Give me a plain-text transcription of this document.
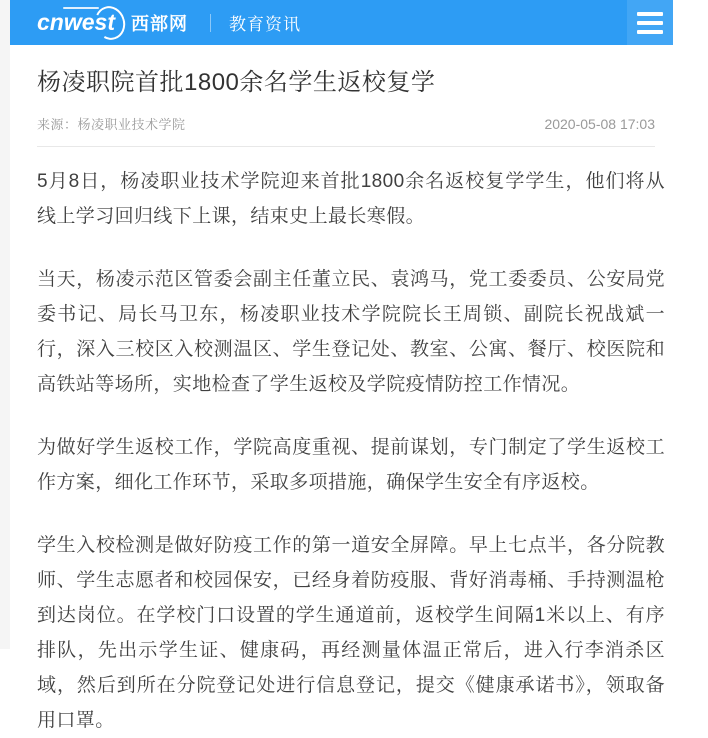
cnwest 西部网 教育资讯
杨凌职院首批1800余名学生返校复学
来源：杨凌职业技术学院	2020-05-08 17:03

5月8日，杨凌职业技术学院迎来首批1800余名返校复学学生，他们将从线上学习回归线下上课，结束史上最长寒假。

当天，杨凌示范区管委会副主任董立民、袁鸿马，党工委委员、公安局党委书记、局长马卫东，杨凌职业技术学院院长王周锁、副院长祝战斌一行，深入三校区入校测温区、学生登记处、教室、公寓、餐厅、校医院和高铁站等场所，实地检查了学生返校及学院疫情防控工作情况。

为做好学生返校工作，学院高度重视、提前谋划，专门制定了学生返校工作方案，细化工作环节，采取多项措施，确保学生安全有序返校。

学生入校检测是做好防疫工作的第一道安全屏障。早上七点半，各分院教师、学生志愿者和校园保安，已经身着防疫服、背好消毒桶、手持测温枪到达岗位。在学校门口设置的学生通道前，返校学生间隔1米以上、有序排队，先出示学生证、健康码，再经测量体温正常后，进入行李消杀区域，然后到所在分院登记处进行信息登记，提交《健康承诺书》，领取备用口罩。
